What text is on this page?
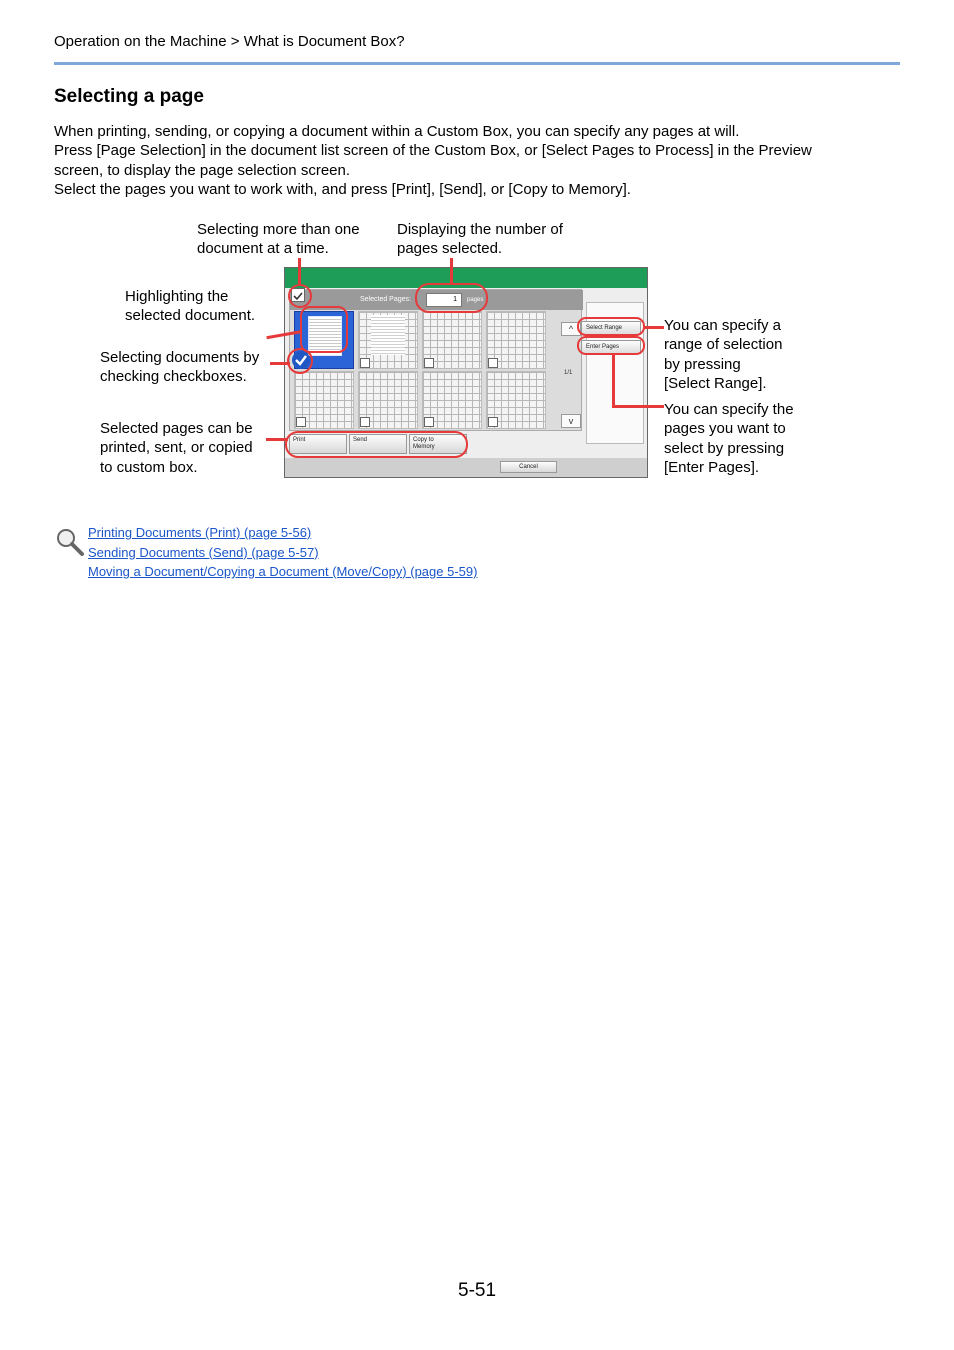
Operation on the Machine > What is Document Box?
Selecting a page
When printing, sending, or copying a document within a Custom Box, you can specify any pages at will.
Press [Page Selection] in the document list screen of the Custom Box, or [Select Pages to Process] in the Preview
screen, to display the page selection screen.
Select the pages you want to work with, and press [Print], [Send], or [Copy to Memory].
Selecting more than one
document at a time.
Displaying the number of
pages selected.
Highlighting the
selected document.
Selecting documents by
checking checkboxes.
Selected pages can be
printed, sent, or copied
to custom box.
You can specify a
range of selection
by pressing
[Select Range].
You can specify the
pages you want to
select by pressing
[Enter Pages].
Selected Pages:	1	pages
^
1/1
v
Select Range
Enter Pages
Print	Send	Copy to
Memory
Cancel
Printing Documents (Print) (page 5-56)
Sending Documents (Send) (page 5-57)
Moving a Document/Copying a Document (Move/Copy) (page 5-59)
5-51
